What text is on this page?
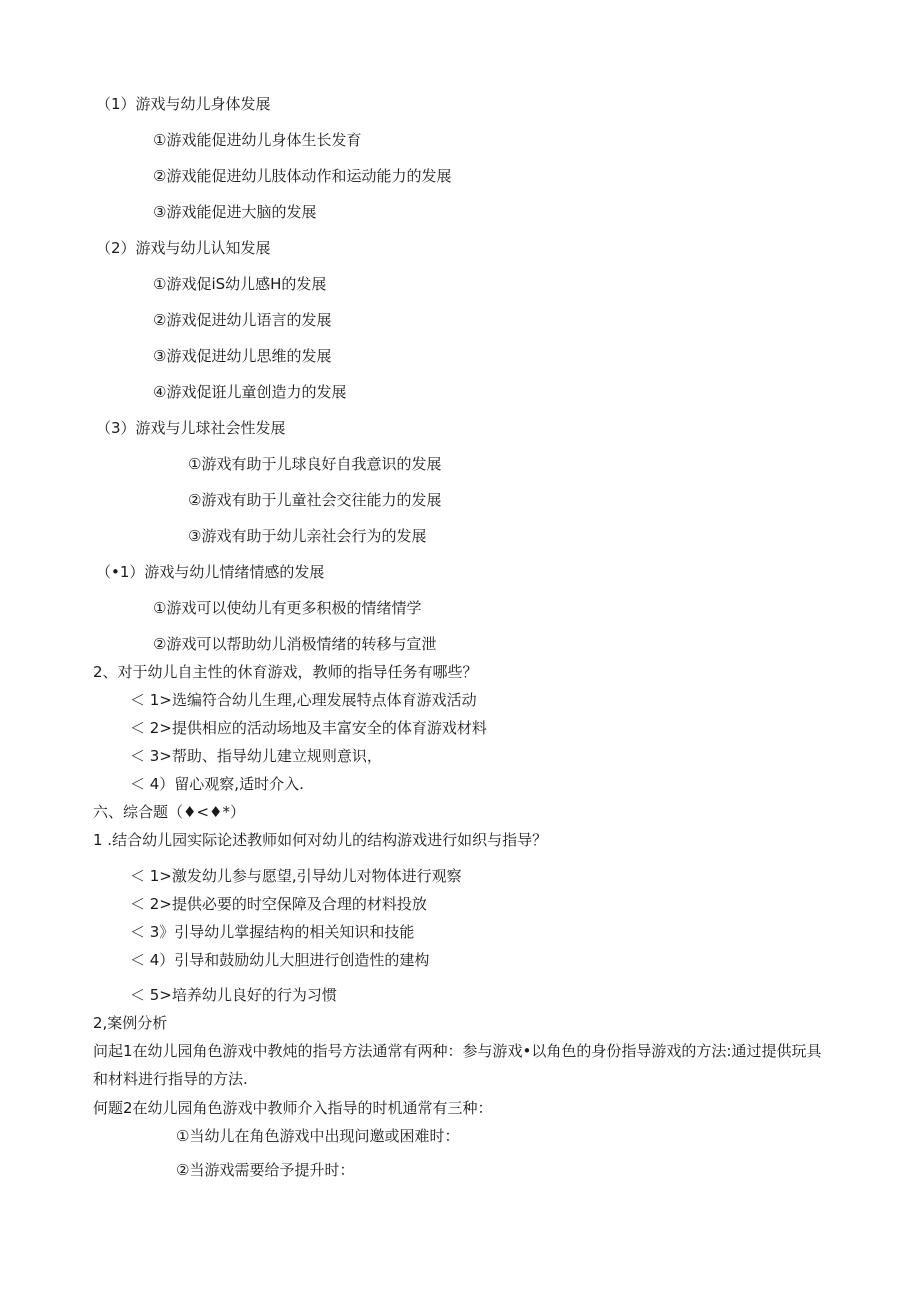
（1）游戏与幼儿身体发展
①游戏能促进幼儿身体生长发育
②游戏能促进幼儿肢体动作和运动能力的发展
③游戏能促进大脑的发展
（2）游戏与幼儿认知发展
①游戏促iS幼儿感H的发展
②游戏促进幼儿语言的发展
③游戏促进幼儿思维的发展
④游戏促诳儿童创造力的发展
（3）游戏与儿球社会性发展
①游戏有助于儿球良好自我意识的发展
②游戏有助于儿童社会交往能力的发展
③游戏有助于幼儿亲社会行为的发展
（•1）游戏与幼儿情绪情感的发展
①游戏可以使幼儿有更多积极的情绪情学
②游戏可以帮助幼儿消极情绪的转移与宣泄
2、对于幼儿自主性的休育游戏，教师的指导任务有哪些？
＜ 1>选编符合幼儿生理,心理发展特点体育游戏活动
＜ 2>提供相应的活动场地及丰富安全的体育游戏材料
＜ 3>帮助、指导幼儿建立规则意识，
＜ 4）留心观察,适时介入.
六、综合题（♦<♦*）
1 .结合幼儿园实际论述教师如何对幼儿的结构游戏进行如织与指导？
＜ 1>激发幼儿参与愿望,引导幼儿对物体进行观察
＜ 2>提供必要的时空保障及合理的材料投放
＜ 3》引导幼儿掌握结构的相关知识和技能
＜ 4）引导和鼓励幼儿大胆进行创造性的建构
＜ 5>培养幼儿良好的行为习惯
2,案例分析
问起1在幼儿园角色游戏中教炖的指号方法通常有两种：参与游戏•以角色的身份指导游戏的方法:通过提供玩具和材料进行指导的方法.
何题2在幼儿园角色游戏中教师介入指导的时机通常有三种：
①当幼儿在角色游戏中出现问邀或困难时：
②当游戏需要给予提升时：
